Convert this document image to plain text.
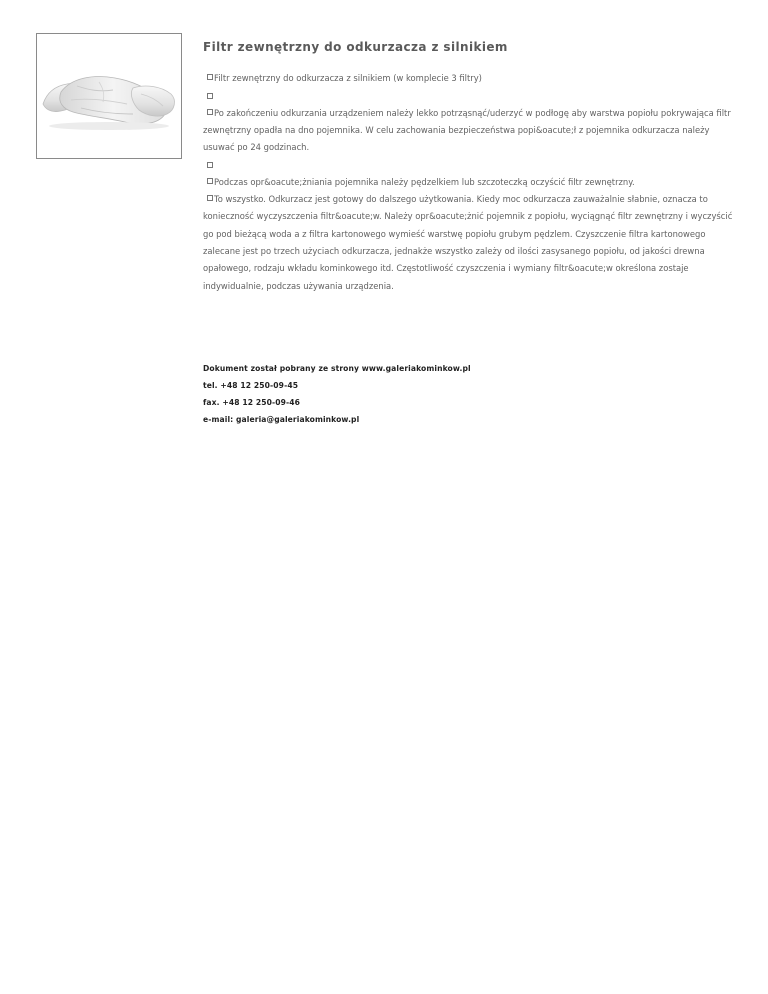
Filtr zewnętrzny do odkurzacza z silnikiem

Filtr zewnętrzny do odkurzacza z silnikiem (w komplecie 3 filtry)

Po zakończeniu odkurzania urządzeniem należy lekko potrząsnąć/uderzyć w podłogę aby warstwa popiołu pokrywająca filtr zewnętrzny opadła na dno pojemnika. W celu zachowania bezpieczeństwa popi&oacute;ł z pojemnika odkurzacza należy usuwać po 24 godzinach.

Podczas opr&oacute;żniania pojemnika należy pędzelkiem lub szczoteczką oczyścić filtr zewnętrzny.

To wszystko. Odkurzacz jest gotowy do dalszego użytkowania. Kiedy moc odkurzacza zauważalnie słabnie, oznacza to konieczność wyczyszczenia filtr&oacute;w. Należy opr&oacute;żnić pojemnik z popiołu, wyciągnąć filtr zewnętrzny i wyczyścić go pod bieżącą woda a z filtra kartonowego wymieść warstwę popiołu grubym pędzlem. Czyszczenie filtra kartonowego zalecane jest po trzech użyciach odkurzacza, jednakże wszystko zależy od ilości zasysanego popiołu, od jakości drewna opałowego, rodzaju wkładu kominkowego itd. Częstotliwość czyszczenia i wymiany filtr&oacute;w określona zostaje indywidualnie, podczas używania urządzenia.

Dokument został pobrany ze strony www.galeriakominkow.pl
tel. +48 12 250-09-45
fax. +48 12 250-09-46
e-mail: galeria@galeriakominkow.pl
